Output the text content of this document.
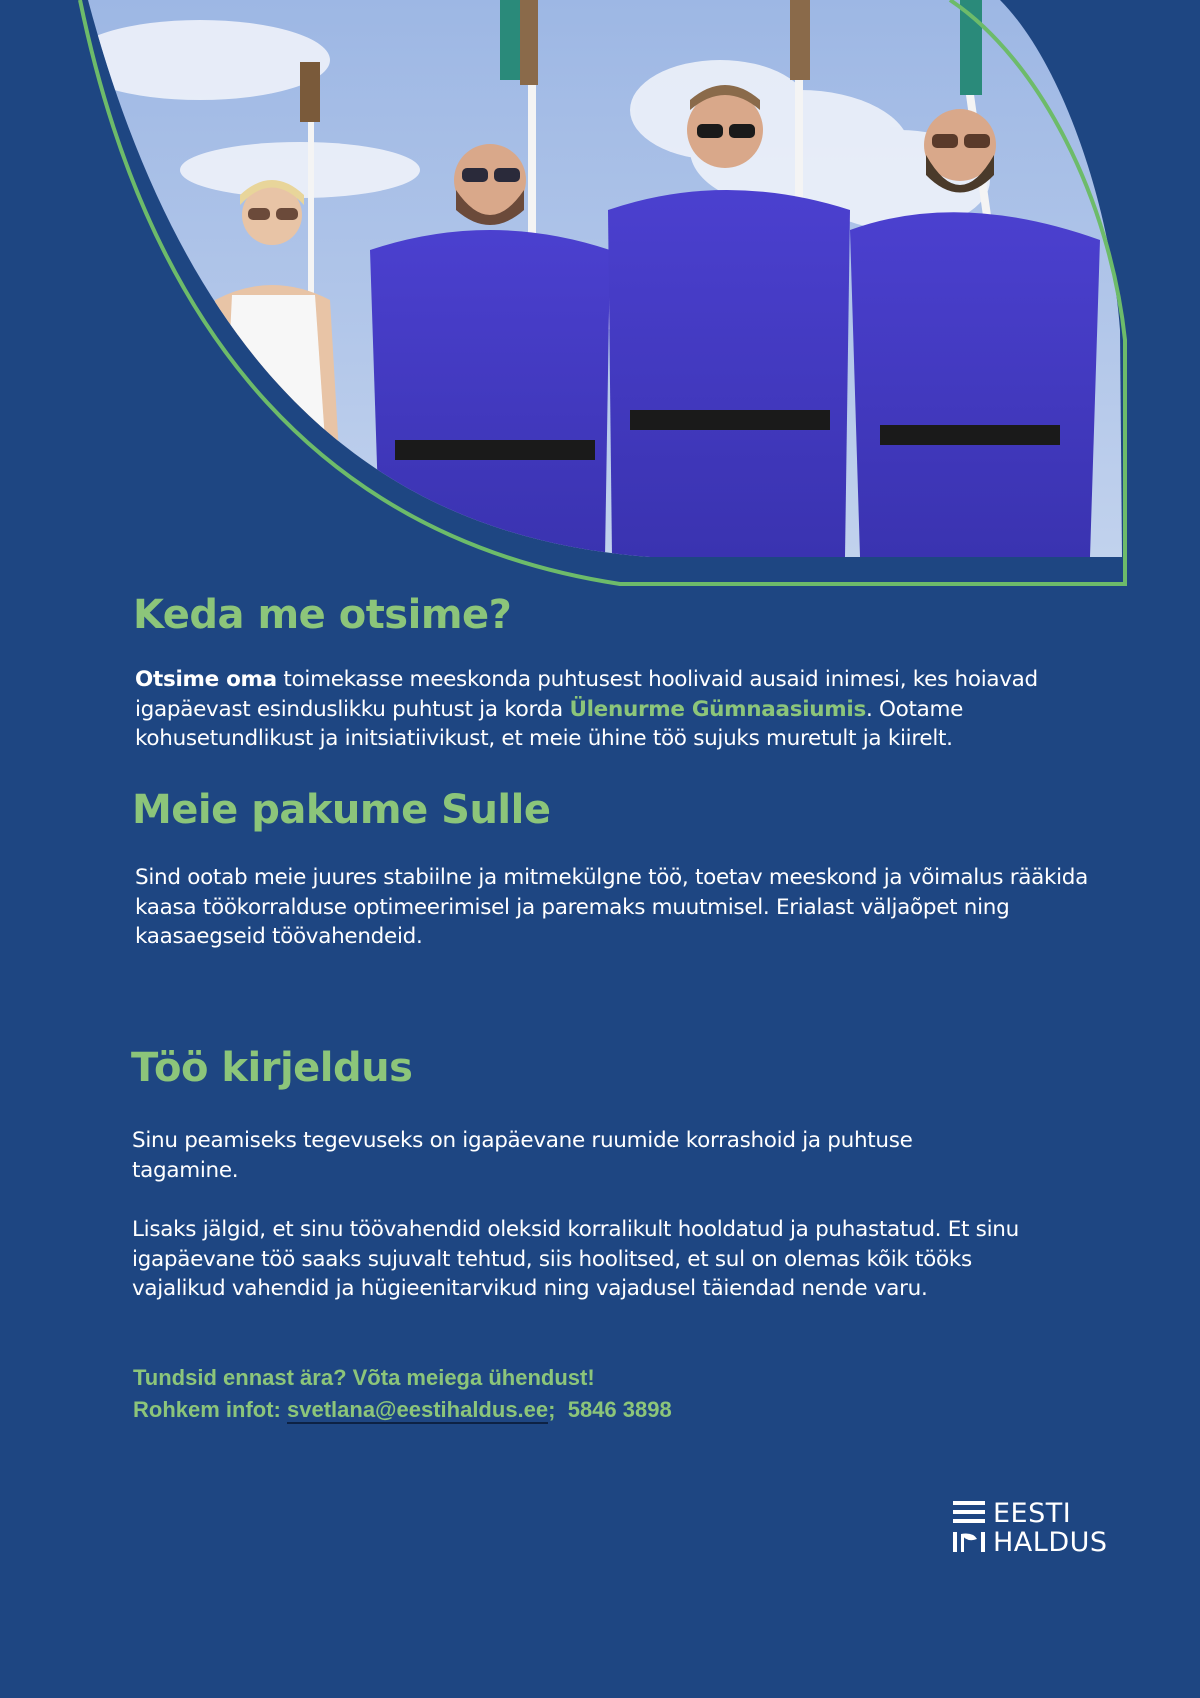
Keda me otsime?

Otsime oma toimekasse meeskonda puhtusest hoolivaid ausaid inimesi, kes hoiavad igapäevast esinduslikku puhtust ja korda Ülenurme Gümnaasiumis. Ootame kohusetundlikust ja initsiatiivikust, et meie ühine töö sujuks muretult ja kiirelt.

Meie pakume Sulle

Sind ootab meie juures stabiilne ja mitmekülgne töö, toetav meeskond ja võimalus rääkida kaasa töökorralduse optimeerimisel ja paremaks muutmisel. Erialast väljaõpet ning kaasaegseid töövahendeid.

Töö kirjeldus

Sinu peamiseks tegevuseks on igapäevane ruumide korrashoid ja puhtuse tagamine.

Lisaks jälgid, et sinu töövahendid oleksid korralikult hooldatud ja puhastatud. Et sinu igapäevane töö saaks sujuvalt tehtud, siis hoolitsed, et sul on olemas kõik tööks vajalikud vahendid ja hügieenitarvikud ning vajadusel täiendad nende varu.

Tundsid ennast ära? Võta meiega ühendust!

Rohkem infot: svetlana@eestihaldus.ee;  5846 3898

EESTI
HALDUS
